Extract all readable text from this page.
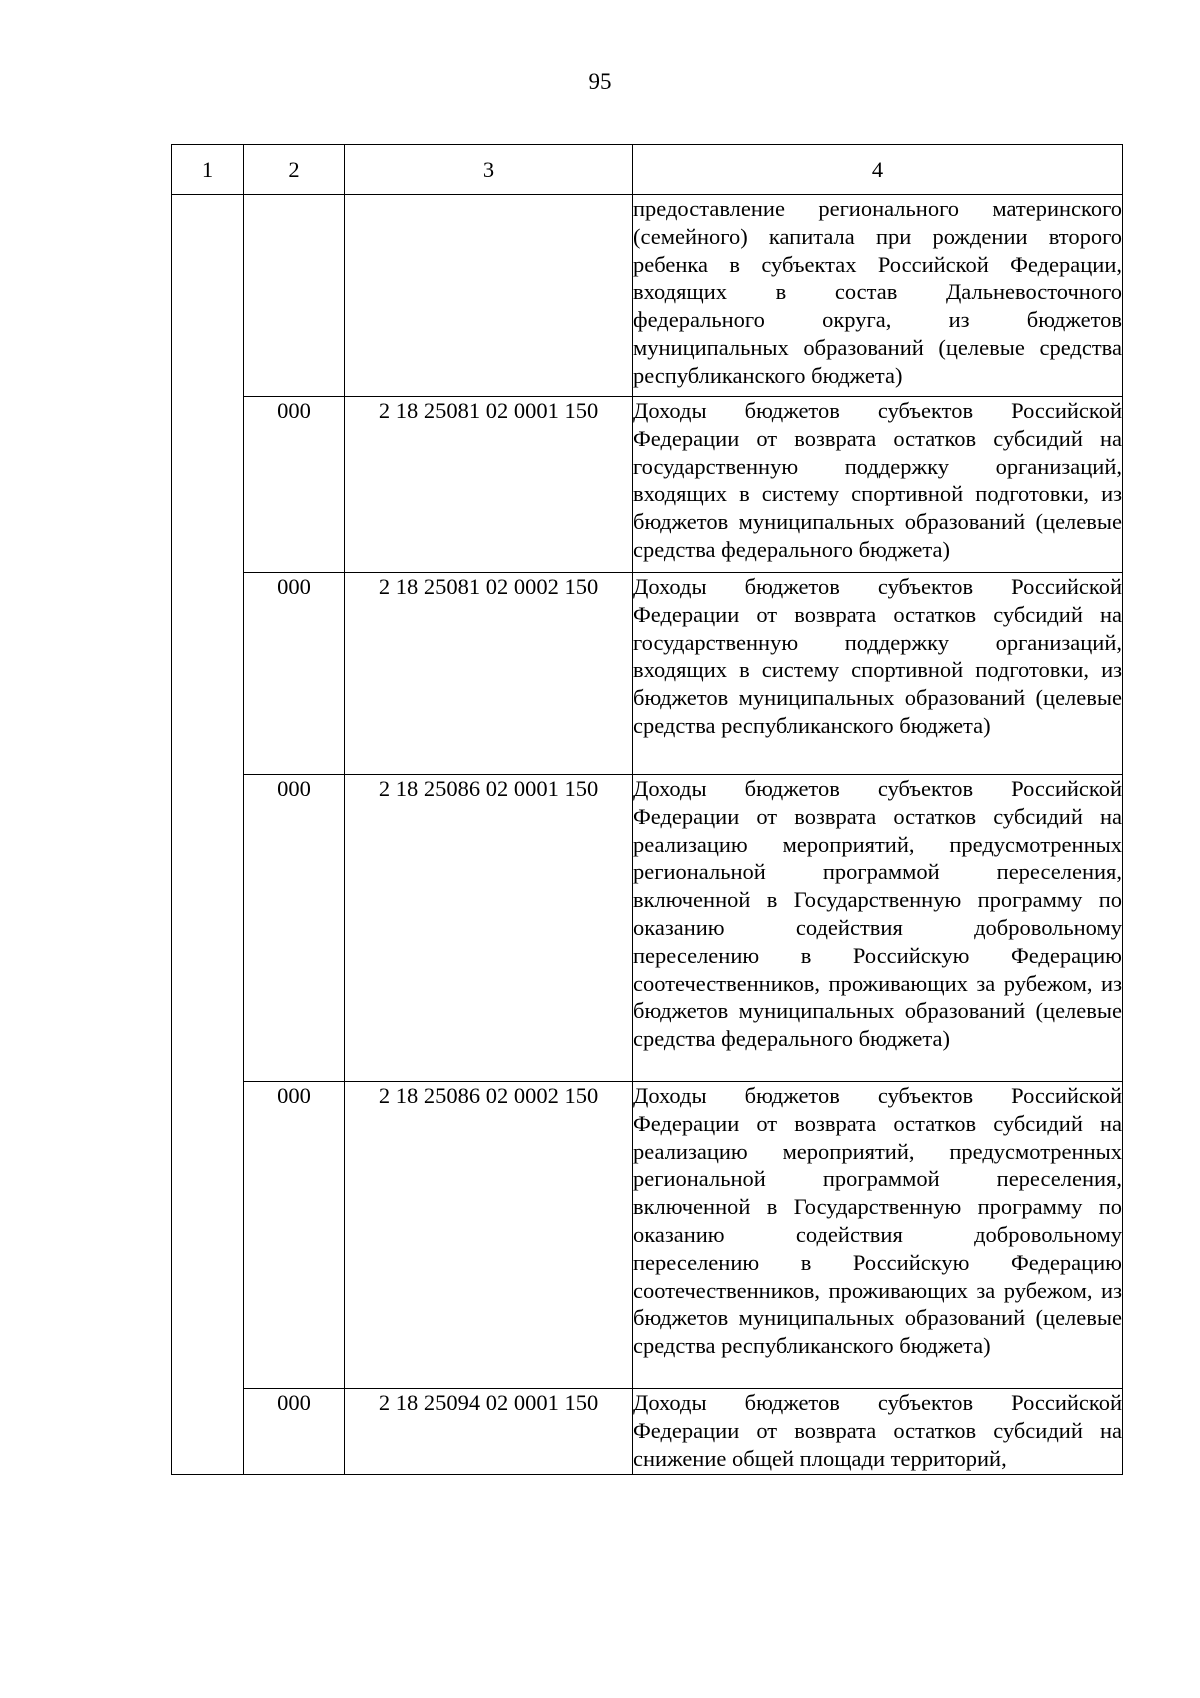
95
1	2	3	4
			предоставление регионального материнского (семейного) капитала при рождении второго ребенка в субъектах Российской Федерации, входящих в состав Дальневосточного федерального округа, из бюджетов муниципальных образований (целевые средства республиканского бюджета)
	000	2 18 25081 02 0001 150	Доходы бюджетов субъектов Российской Федерации от возврата остатков субсидий на государственную поддержку организаций, входящих в систему спортивной подготовки, из бюджетов муниципальных образований (целевые средства федерального бюджета)
	000	2 18 25081 02 0002 150	Доходы бюджетов субъектов Российской Федерации от возврата остатков субсидий на государственную поддержку организаций, входящих в систему спортивной подготовки, из бюджетов муниципальных образований (целевые средства республиканского бюджета)
	000	2 18 25086 02 0001 150	Доходы бюджетов субъектов Российской Федерации от возврата остатков субсидий на реализацию мероприятий, предусмотренных региональной программой переселения, включенной в Государственную программу по оказанию содействия добровольному переселению в Российскую Федерацию соотечественников, проживающих за рубежом, из бюджетов муниципальных образований (целевые средства федерального бюджета)
	000	2 18 25086 02 0002 150	Доходы бюджетов субъектов Российской Федерации от возврата остатков субсидий на реализацию мероприятий, предусмотренных региональной программой переселения, включенной в Государственную программу по оказанию содействия добровольному переселению в Российскую Федерацию соотечественников, проживающих за рубежом, из бюджетов муниципальных образований (целевые средства республиканского бюджета)
	000	2 18 25094 02 0001 150	Доходы бюджетов субъектов Российской Федерации от возврата остатков субсидий на снижение общей площади территорий,
